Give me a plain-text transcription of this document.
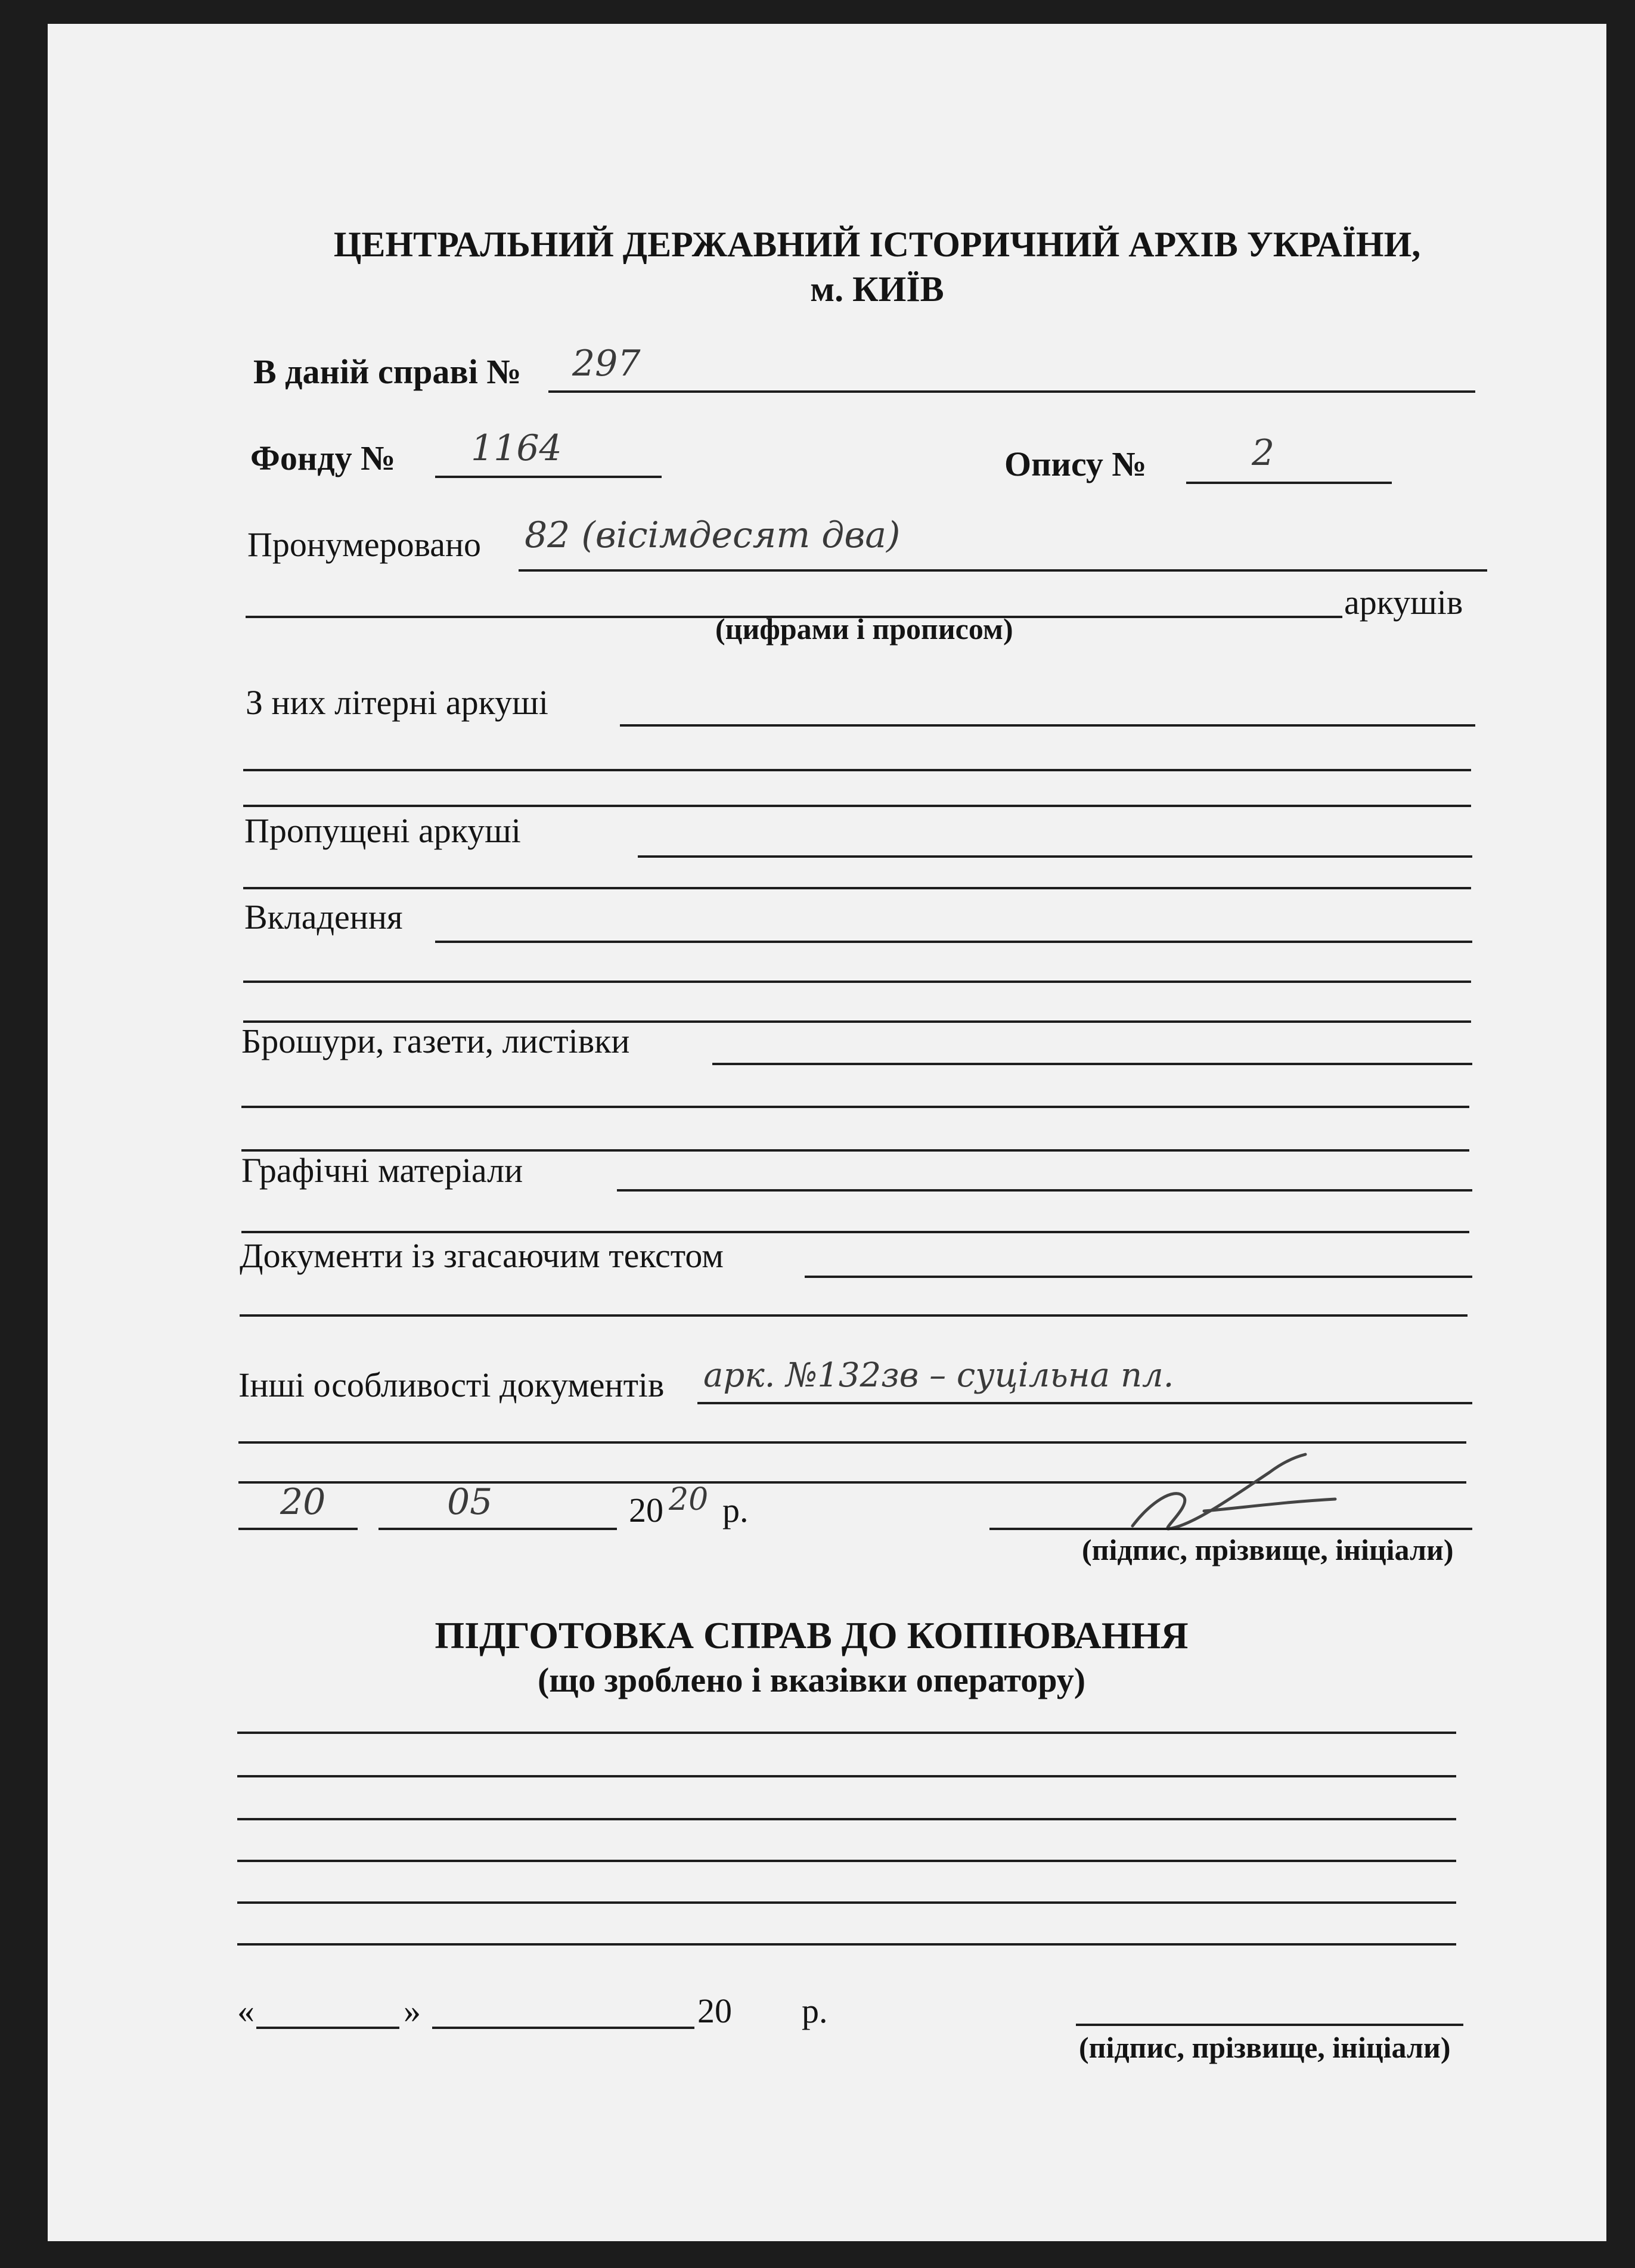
ЦЕНТРАЛЬНИЙ ДЕРЖАВНИЙ ІСТОРИЧНИЙ АРХІВ УКРАЇНИ,
м. КИЇВ
В даній справі № 297
Фонду № 1164	Опису №	2
Пронумеровано 82 (вісімдесят два)
аркушів
(цифрами і прописом)
З них літерні аркуші
Пропущені аркуші
Вкладення
Брошури, газети, листівки
Графічні матеріали
Документи із згасаючим текстом
Інші особливості документів арк. №132зв – суцільна пл.
20	05	20 20 р.
(підпис, прізвище, ініціали)
ПІДГОТОВКА СПРАВ ДО КОПІЮВАННЯ
(що зроблено і вказівки оператору)
«	»	20 р.
(підпис, прізвище, ініціали)
